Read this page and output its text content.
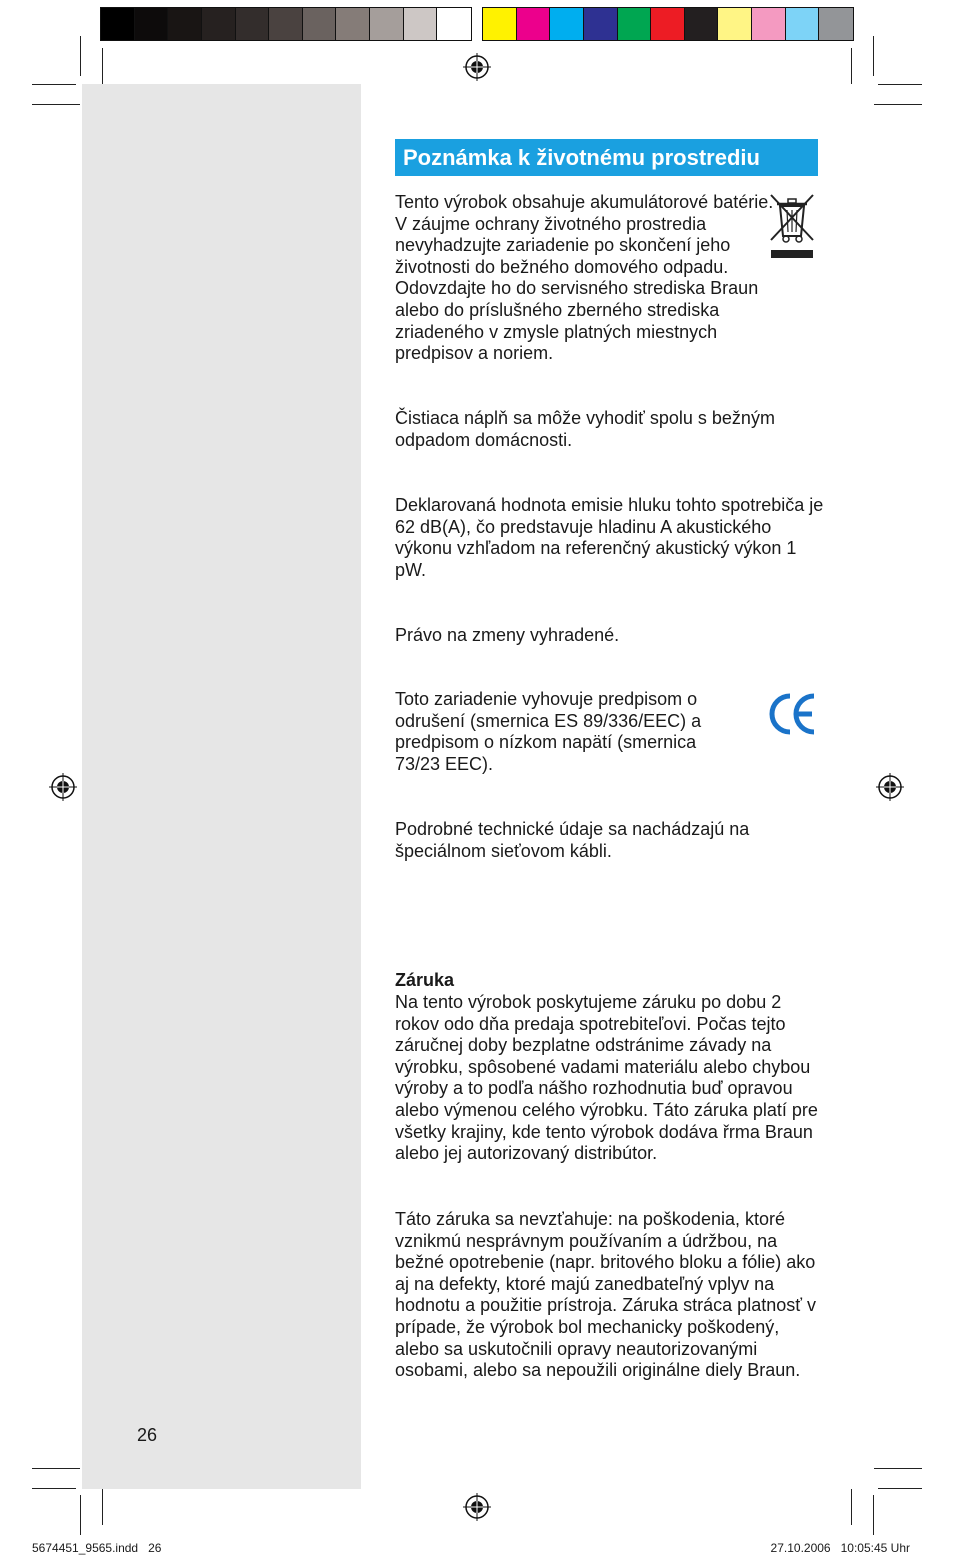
26
Poznámka k životnému prostrediu

Tento výrobok obsahuje akumulátorové batérie. V záujme ochrany životného prostredia nevyhadzujte zariadenie po skončení jeho životnosti do bežného domového odpadu. Odovzdajte ho do servisného strediska Braun alebo do príslušného zberného strediska zriadeného v zmysle platných miestnych predpisov a noriem.

Čistiaca náplň sa môže vyhodiť spolu s bežným odpadom domácnosti.

Deklarovaná hodnota emisie hluku tohto spotrebiča je 62 dB(A), čo predstavuje hladinu A akustického výkonu vzhľadom na referenčný akustický výkon 1 pW.

Právo na zmeny vyhradené.

Toto zariadenie vyhovuje predpisom o odrušení (smernica ES 89/336/EEC) a predpisom o nízkom napätí (smernica 73/23 EEC).

Podrobné technické údaje sa nachádzajú na špeciálnom sieťovom kábli.

Záruka

Na tento výrobok poskytujeme záruku po dobu 2 rokov odo dňa predaja spotrebiteľovi. Počas tejto záručnej doby bezplatne odstránime závady na výrobku, spôsobené vadami materiálu alebo chybou výroby a to podľa nášho rozhodnutia buď opravou alebo výmenou celého výrobku. Táto záruka platí pre všetky krajiny, kde tento výrobok dodáva řrma Braun alebo jej autorizovaný distribútor.

Táto záruka sa nevzťahuje: na poškodenia, ktoré vznikmú nesprávnym používaním a údržbou, na bežné opotrebenie (napr. britového bloku a fólie) ako aj na defekty, ktoré majú zanedbateľný vplyv na hodnotu a použitie prístroja. Záruka stráca platnosť v prípade, že výrobok bol mechanicky poškodený, alebo sa uskutočnili opravy neautorizovanými osobami, alebo sa nepoužili originálne diely Braun.

5674451_9565.indd   26	27.10.2006   10:05:45 Uhr
